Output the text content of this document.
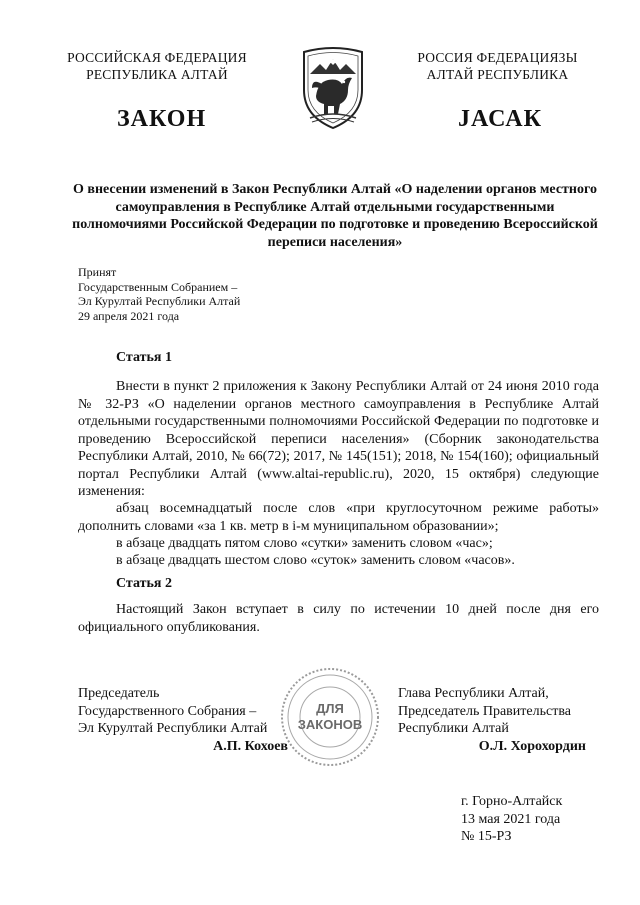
РОССИЙСКАЯ ФЕДЕРАЦИЯ
РЕСПУБЛИКА АЛТАЙ
РОССИЯ ФЕДЕРАЦИЯЗЫ
АЛТАЙ РЕСПУБЛИКА
ЗАКОН	ЈАСАК
О внесении изменений в Закон Республики Алтай «О наделении органов местного самоуправления в Республике Алтай отдельными государственными полномочиями Российской Федерации по подготовке и проведению Всероссийской переписи населения»
Принят
Государственным Собранием –
Эл Курултай Республики Алтай
29 апреля 2021 года
Статья 1
Внести в пункт 2 приложения к Закону Республики Алтай от 24 июня 2010 года № 32-РЗ «О наделении органов местного самоуправления в Республике Алтай отдельными государственными полномочиями Российской Федерации по подготовке и проведению Всероссийской переписи населения» (Сборник законодательства Республики Алтай, 2010, № 66(72); 2017, № 145(151); 2018, № 154(160); официальный портал Республики Алтай (www.altai-republic.ru), 2020, 15 октября) следующие изменения:
абзац восемнадцатый после слов «при круглосуточном режиме работы» дополнить словами «за 1 кв. метр в i-м муниципальном образовании»;
в абзаце двадцать пятом слово «сутки» заменить словом «час»;
в абзаце двадцать шестом слово «суток» заменить словом «часов».
Статья 2
Настоящий Закон вступает в силу по истечении 10 дней после дня его официального опубликования.
ДЛЯ
ЗАКОНОВ
Председатель
Государственного Собрания –
Эл Курултай Республики Алтай
А.П. Кохоев
Глава Республики Алтай,
Председатель Правительства
Республики Алтай
О.Л. Хорохордин
г. Горно-Алтайск
13 мая 2021 года
№ 15-РЗ
